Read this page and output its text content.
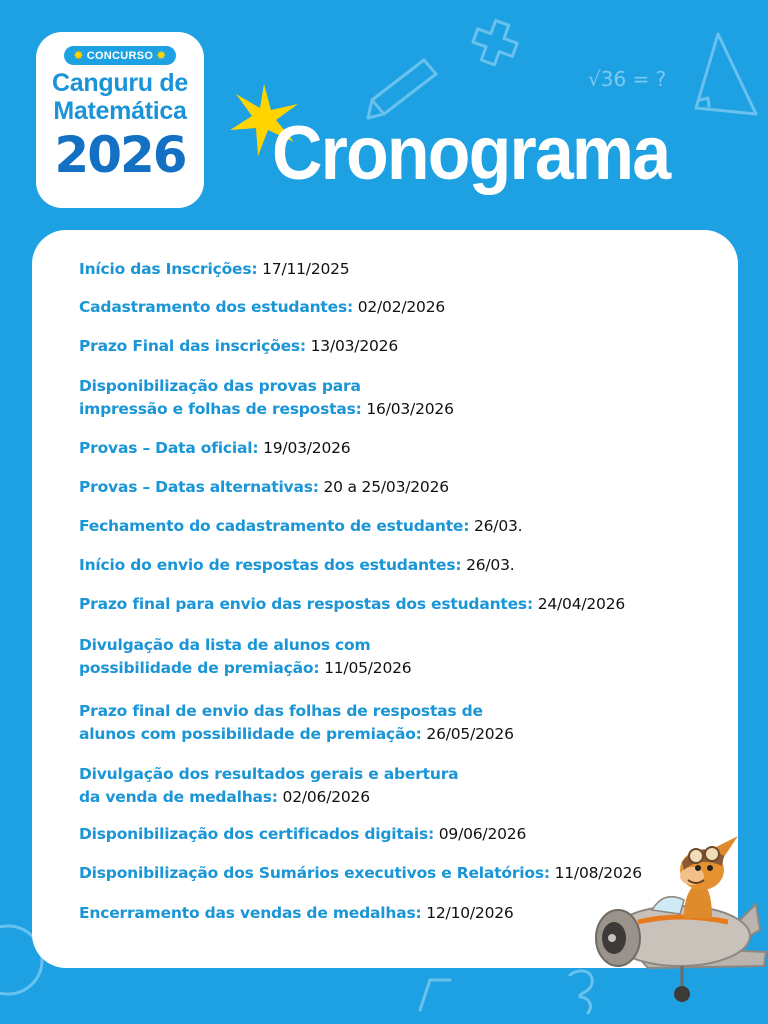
√36 = ?
✸ CONCURSO ✸
Canguru de
Matemática
2026 Cronograma
Início das Inscrições: 17/11/2025
Cadastramento dos estudantes: 02/02/2026
Prazo Final das inscrições: 13/03/2026
Disponibilização das provas para
impressão e folhas de respostas: 16/03/2026
Provas – Data oficial: 19/03/2026
Provas – Datas alternativas: 20 a 25/03/2026
Fechamento do cadastramento de estudante: 26/03.
Início do envio de respostas dos estudantes: 26/03.
Prazo final para envio das respostas dos estudantes: 24/04/2026
Divulgação da lista de alunos com
possibilidade de premiação: 11/05/2026
Prazo final de envio das folhas de respostas de
alunos com possibilidade de premiação: 26/05/2026
Divulgação dos resultados gerais e abertura
da venda de medalhas: 02/06/2026
Disponibilização dos certificados digitais: 09/06/2026
Disponibilização dos Sumários executivos e Relatórios: 11/08/2026
Encerramento das vendas de medalhas: 12/10/2026
